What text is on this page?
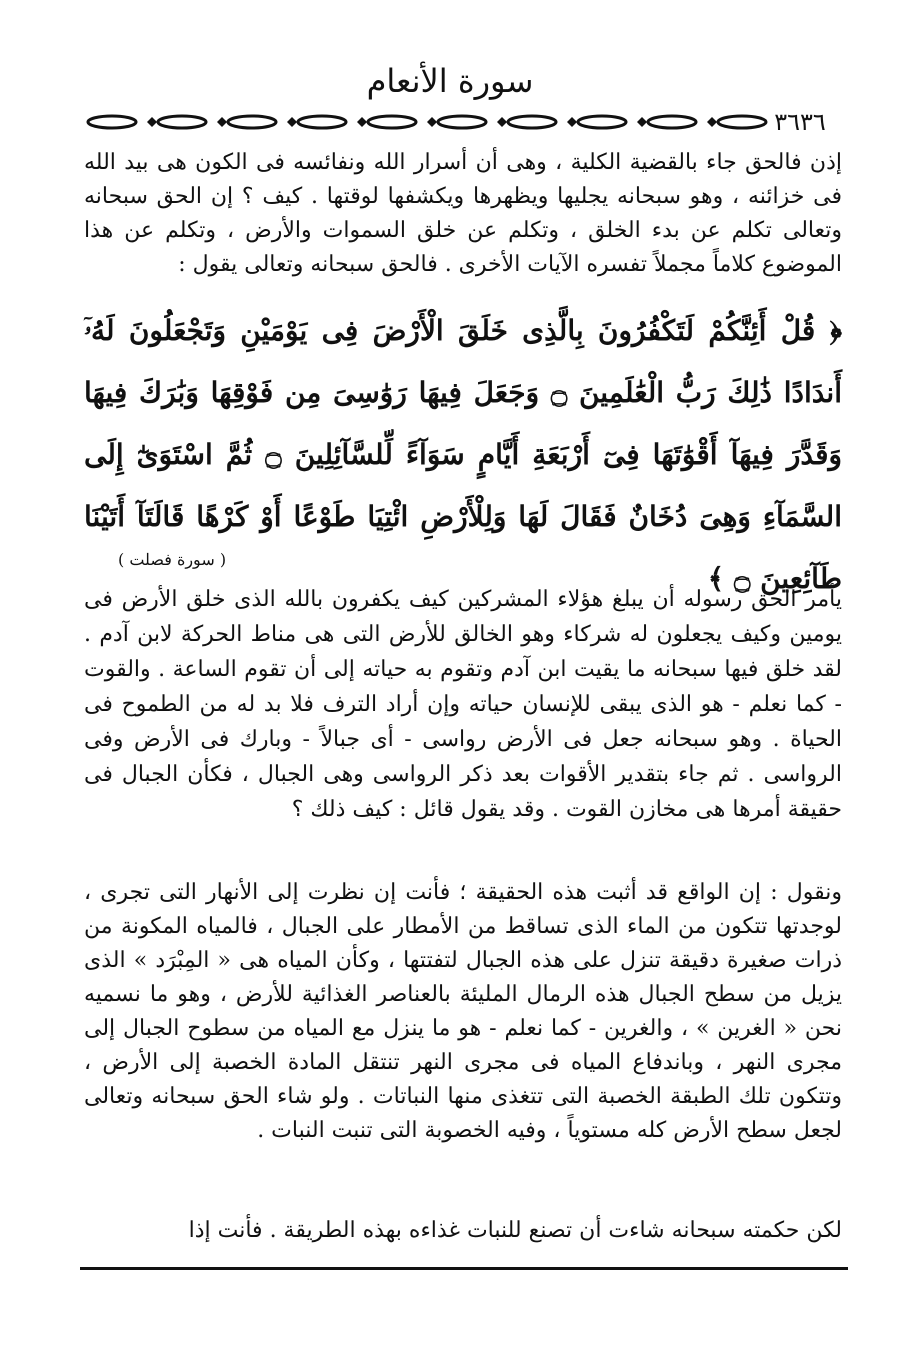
سورة الأنعام
٣٦٣٦

إذن فالحق جاء بالقضية الكلية ، وهى أن أسرار الله ونفائسه فى الكون هى بيد الله فى خزائنه ، وهو سبحانه يجليها ويظهرها ويكشفها لوقتها . كيف ؟ إن الحق سبحانه وتعالى تكلم عن بدء الخلق ، وتكلم عن خلق السموات والأرض ، وتكلم عن هذا الموضوع كلاماً مجملاً تفسره الآيات الأخرى . فالحق سبحانه وتعالى يقول :

﴿ قُلْ أَئِنَّكُمْ لَتَكْفُرُونَ بِالَّذِى خَلَقَ الْأَرْضَ فِى يَوْمَيْنِ وَتَجْعَلُونَ لَهُۥٓ أَندَادًا ذَٰلِكَ رَبُّ الْعَٰلَمِينَ ۝ وَجَعَلَ فِيهَا رَوَٰسِىَ مِن فَوْقِهَا وَبَٰرَكَ فِيهَا وَقَدَّرَ فِيهَآ أَقْوَٰتَهَا فِىٓ أَرْبَعَةِ أَيَّامٍ سَوَآءً لِّلسَّآئِلِينَ ۝ ثُمَّ اسْتَوَىٰٓ إِلَى السَّمَآءِ وَهِىَ دُخَانٌ فَقَالَ لَهَا وَلِلْأَرْضِ ائْتِيَا طَوْعًا أَوْ كَرْهًا قَالَتَآ أَتَيْنَا طَآئِعِينَ ۝ ﴾

( سورة فصلت )

يأمر الحق رسوله أن يبلغ هؤلاء المشركين كيف يكفرون بالله الذى خلق الأرض فى يومين وكيف يجعلون له شركاء وهو الخالق للأرض التى هى مناط الحركة لابن آدم . لقد خلق فيها سبحانه ما يقيت ابن آدم وتقوم به حياته إلى أن تقوم الساعة . والقوت - كما نعلم - هو الذى يبقى للإنسان حياته وإن أراد الترف فلا بد له من الطموح فى الحياة . وهو سبحانه جعل فى الأرض رواسى - أى جبالاً - وبارك فى الأرض وفى الرواسى . ثم جاء بتقدير الأقوات بعد ذكر الرواسى وهى الجبال ، فكأن الجبال فى حقيقة أمرها هى مخازن القوت . وقد يقول قائل : كيف ذلك ؟

ونقول : إن الواقع قد أثبت هذه الحقيقة ؛ فأنت إن نظرت إلى الأنهار التى تجرى ، لوجدتها تتكون من الماء الذى تساقط من الأمطار على الجبال ، فالمياه المكونة من ذرات صغيرة دقيقة تنزل على هذه الجبال لتفتتها ، وكأن المياه هى « المِبْرَد » الذى يزيل من سطح الجبال هذه الرمال المليئة بالعناصر الغذائية للأرض ، وهو ما نسميه نحن « الغرين » ، والغرين - كما نعلم - هو ما ينزل مع المياه من سطوح الجبال إلى مجرى النهر ، وباندفاع المياه فى مجرى النهر تنتقل المادة الخصبة إلى الأرض ، وتتكون تلك الطبقة الخصبة التى تتغذى منها النباتات . ولو شاء الحق سبحانه وتعالى لجعل سطح الأرض كله مستوياً ، وفيه الخصوبة التى تنبت النبات .

لكن حكمته سبحانه شاءت أن تصنع للنبات غذاءه بهذه الطريقة . فأنت إذا
